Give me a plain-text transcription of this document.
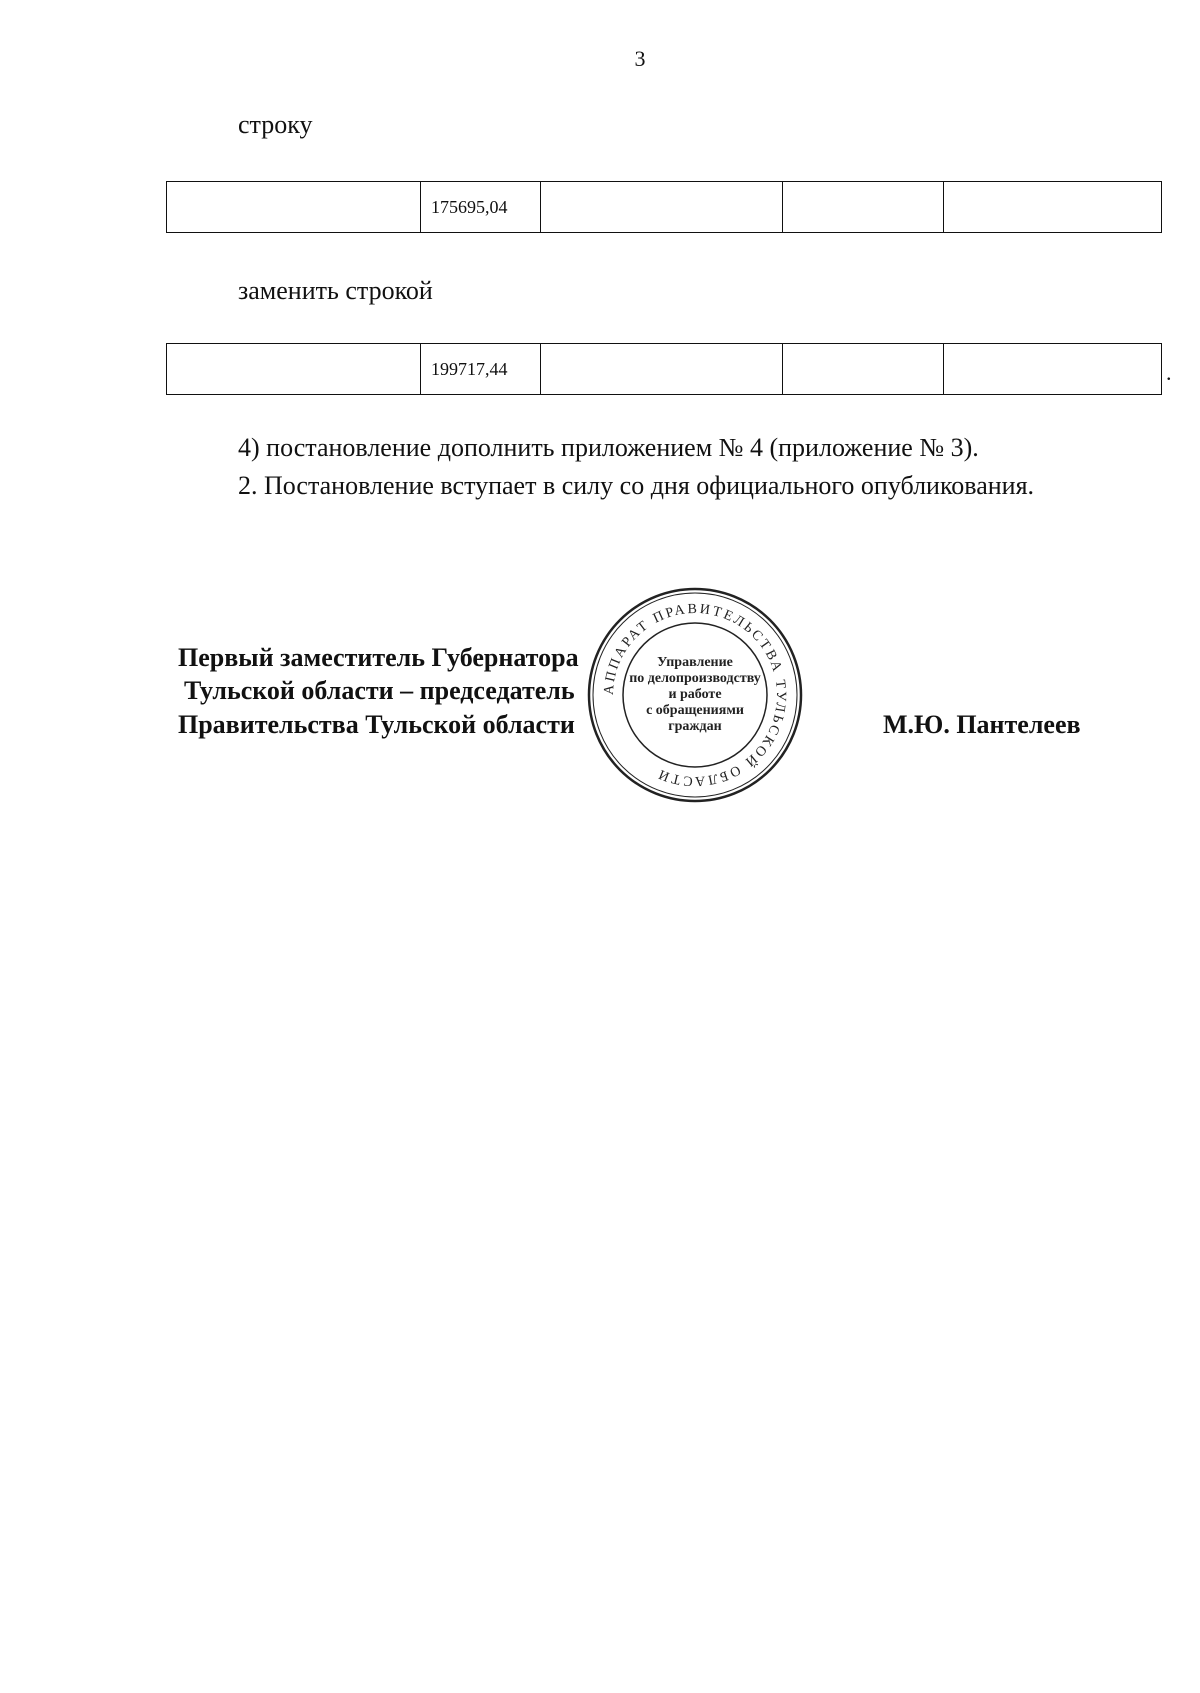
3
строку
	175695,04			
заменить строкой
	199717,44				.
4) постановление дополнить приложением № 4 (приложение № 3).
2. Постановление вступает в силу со дня официального опубликования.
Первый заместитель Губернатора
Тульской области – председатель
Правительства Тульской области	М.Ю. Пантелеев
АППАРАТ ПРАВИТЕЛЬСТВА ТУЛЬСКОЙ ОБЛАСТИ
Управление
по делопроизводству
и работе
с обращениями
граждан
